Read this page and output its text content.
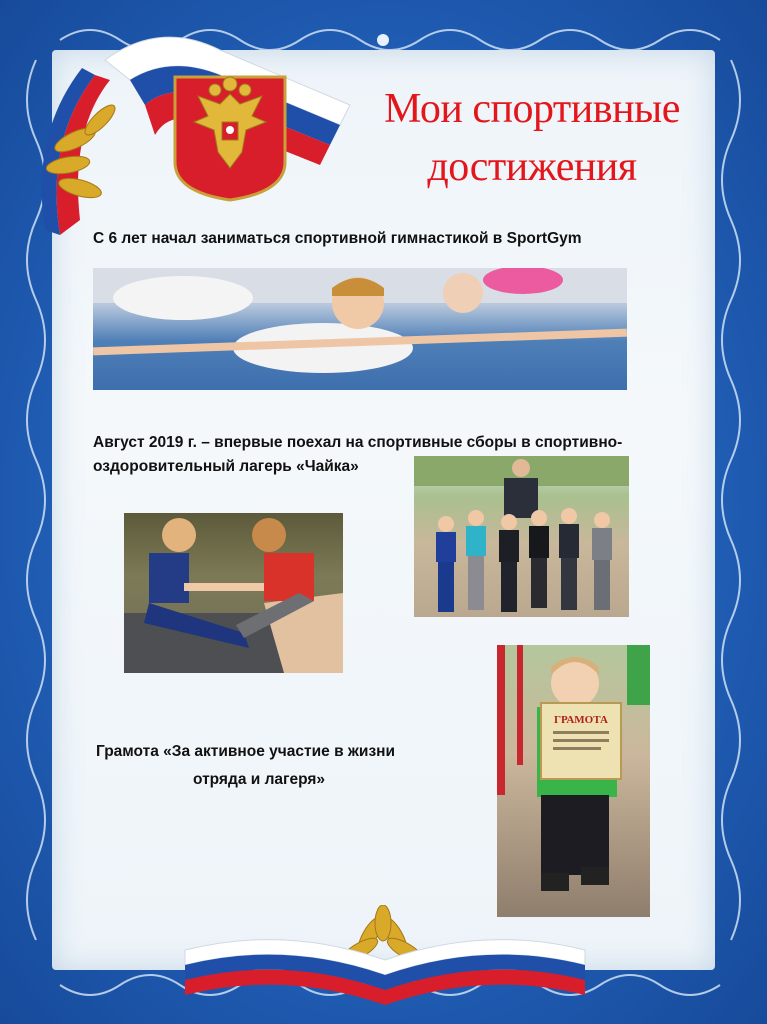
Мои спортивные достижения
С 6 лет начал заниматься спортивной гимнастикой в SportGym
Август 2019 г. – впервые поехал на спортивные сборы в спортивно-
оздоровительный лагерь «Чайка»
Грамота «За активное участие в жизни
отряда и лагеря»
ГРАМОТА
